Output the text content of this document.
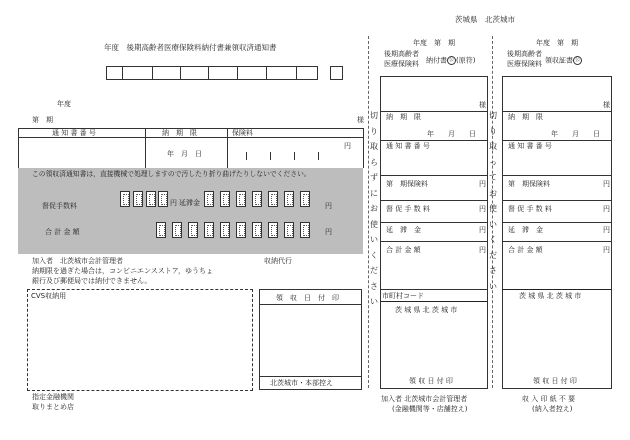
茨城県　北茨城市
年度　後期高齢者医療保険料納付書兼領収済通知書
年度
第　期	様
通 知 書 番 号	納　期　限	保険料
年　月　日
円
この領収済通知書は，直接機械で処理しますので汚したり折り曲げたりしないでください。
督促手数料	円 延滞金	円
合 計 金 額	円
加入者　北茨城市会計管理者	収納代行
納期限を過ぎた場合は，コンビニエンスストア，ゆうちょ
銀行及び郵便局では納付できません。
CVS収納用	領　収　日　付　印
北茨城市・本部控え
指定金融機関
取りまとめ店
切
り
取
ら
ず
に
お
使
い
く
だ
さ
い
切
り
取
っ
て
お
使
い
く
だ
さ
い
年度　第　期
後期高齢者
医療保険料 納付書 公 (原符)
様
納　期　限
年　　月　　日
通 知 書 番 号
第　期保険料	円
督 促 手 数 料	円
延　滞　金	円
合 計 金 額	円
市町村コード
茨 城 県 北 茨 城 市
領 収 日 付 印
加入者 北茨城市会計管理者
(金融機関等・店舗控え)
年度　第　期
後期高齢者
医療保険料 領収証書 公
様
納　期　限
年　　月　　日
通 知 書 番 号
第　期保険料	円
督 促 手 数 料	円
延　滞　金	円
合 計 金 額	円
茨 城 県 北 茨 城 市
領 収 日 付 印
収 入 印 紙 不 要
(納入者控え)
